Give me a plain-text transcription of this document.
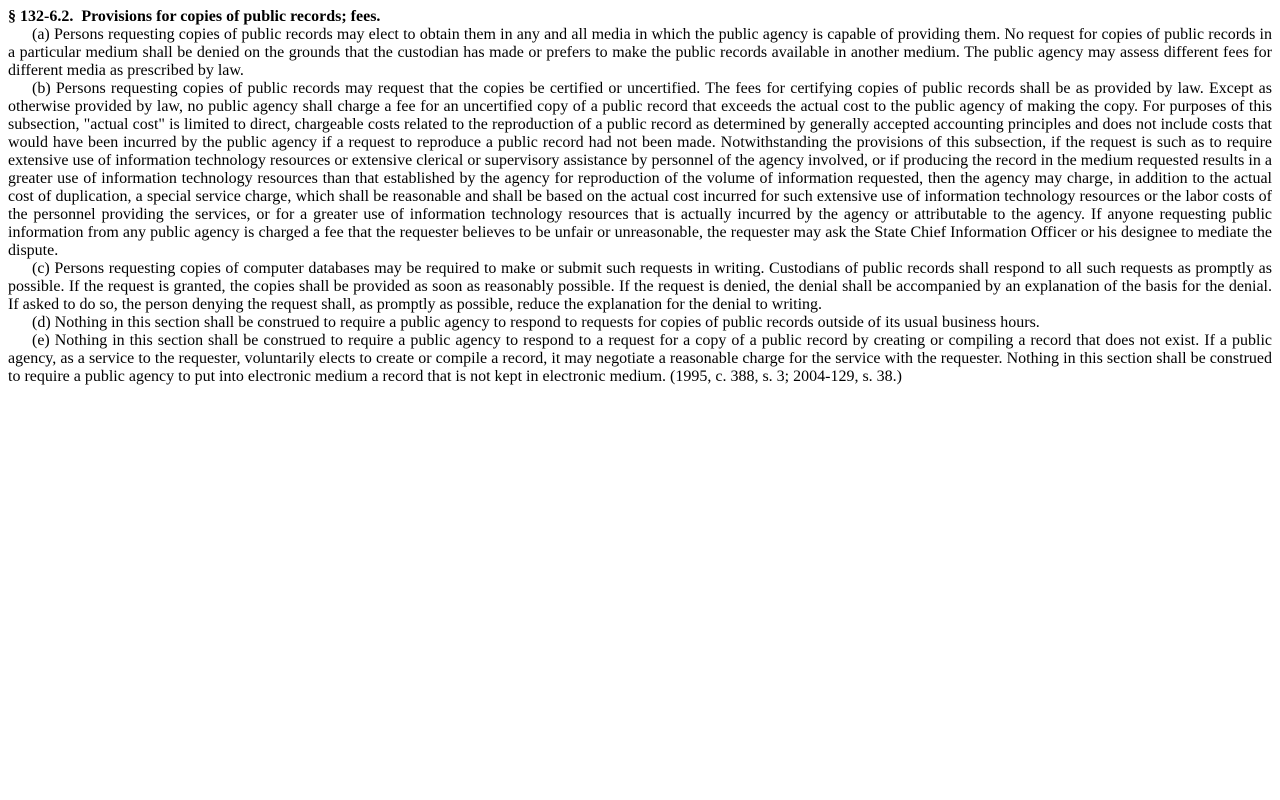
§ 132-6.2.  Provisions for copies of public records; fees.

(a) Persons requesting copies of public records may elect to obtain them in any and all media in which the public agency is capable of providing them. No request for copies of public records in a particular medium shall be denied on the grounds that the custodian has made or prefers to make the public records available in another medium. The public agency may assess different fees for different media as prescribed by law.

(b) Persons requesting copies of public records may request that the copies be certified or uncertified. The fees for certifying copies of public records shall be as provided by law. Except as otherwise provided by law, no public agency shall charge a fee for an uncertified copy of a public record that exceeds the actual cost to the public agency of making the copy. For purposes of this subsection, "actual cost" is limited to direct, chargeable costs related to the reproduction of a public record as determined by generally accepted accounting principles and does not include costs that would have been incurred by the public agency if a request to reproduce a public record had not been made. Notwithstanding the provisions of this subsection, if the request is such as to require extensive use of information technology resources or extensive clerical or supervisory assistance by personnel of the agency involved, or if producing the record in the medium requested results in a greater use of information technology resources than that established by the agency for reproduction of the volume of information requested, then the agency may charge, in addition to the actual cost of duplication, a special service charge, which shall be reasonable and shall be based on the actual cost incurred for such extensive use of information technology resources or the labor costs of the personnel providing the services, or for a greater use of information technology resources that is actually incurred by the agency or attributable to the agency. If anyone requesting public information from any public agency is charged a fee that the requester believes to be unfair or unreasonable, the requester may ask the State Chief Information Officer or his designee to mediate the dispute.

(c) Persons requesting copies of computer databases may be required to make or submit such requests in writing. Custodians of public records shall respond to all such requests as promptly as possible. If the request is granted, the copies shall be provided as soon as reasonably possible. If the request is denied, the denial shall be accompanied by an explanation of the basis for the denial. If asked to do so, the person denying the request shall, as promptly as possible, reduce the explanation for the denial to writing.

(d) Nothing in this section shall be construed to require a public agency to respond to requests for copies of public records outside of its usual business hours.

(e) Nothing in this section shall be construed to require a public agency to respond to a request for a copy of a public record by creating or compiling a record that does not exist. If a public agency, as a service to the requester, voluntarily elects to create or compile a record, it may negotiate a reasonable charge for the service with the requester. Nothing in this section shall be construed to require a public agency to put into electronic medium a record that is not kept in electronic medium. (1995, c. 388, s. 3; 2004-129, s. 38.)
